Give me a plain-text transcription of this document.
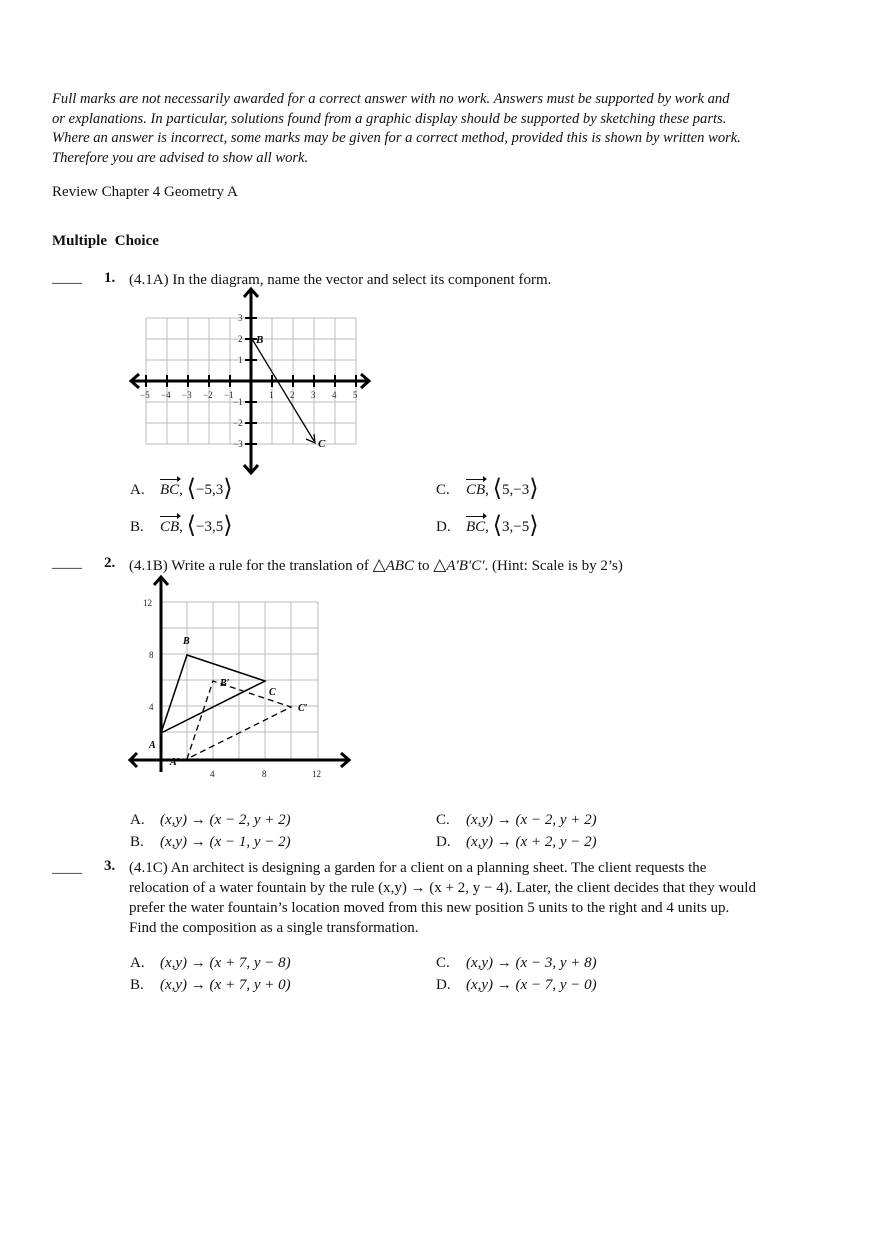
Full marks are not necessarily awarded for a correct answer with no work. Answers must be supported by work and
or explanations. In particular, solutions found from a graphic display should be supported by sketching these parts.
Where an answer is incorrect, some marks may be given for a correct method, provided this is shown by written work.
Therefore you are advised to show all work.
Review Chapter 4 Geometry A
Multiple Choice
____ 1. (4.1A) In the diagram, name the vector and select its component form.
−5 −4 −3 −2 −1	1 2 3 4 5
3
2
1
−1
−2
−3
B
C
A. BC, ⟨−5,3⟩	C. CB, ⟨5,−3⟩
B. CB, ⟨−3,5⟩	D. BC, ⟨3,−5⟩
____ 2. (4.1B) Write a rule for the translation of △ABC to △A′B′C′. (Hint: Scale is by 2’s)
4	8	12
12
8
4
A
B
C
A′
B′
C′
A. (x,y) → (x − 2, y + 2)	C. (x,y) → (x − 2, y + 2)
B. (x,y) → (x − 1, y − 2)	D. (x,y) → (x + 2, y − 2)
____ 3. (4.1C) An architect is designing a garden for a client on a planning sheet. The client requests the
relocation of a water fountain by the rule (x,y) → (x + 2, y − 4). Later, the client decides that they would
prefer the water fountain’s location moved from this new position 5 units to the right and 4 units up.
Find the composition as a single transformation.
A. (x,y) → (x + 7, y − 8)	C. (x,y) → (x − 3, y + 8)
B. (x,y) → (x + 7, y + 0)	D. (x,y) → (x − 7, y − 0)
